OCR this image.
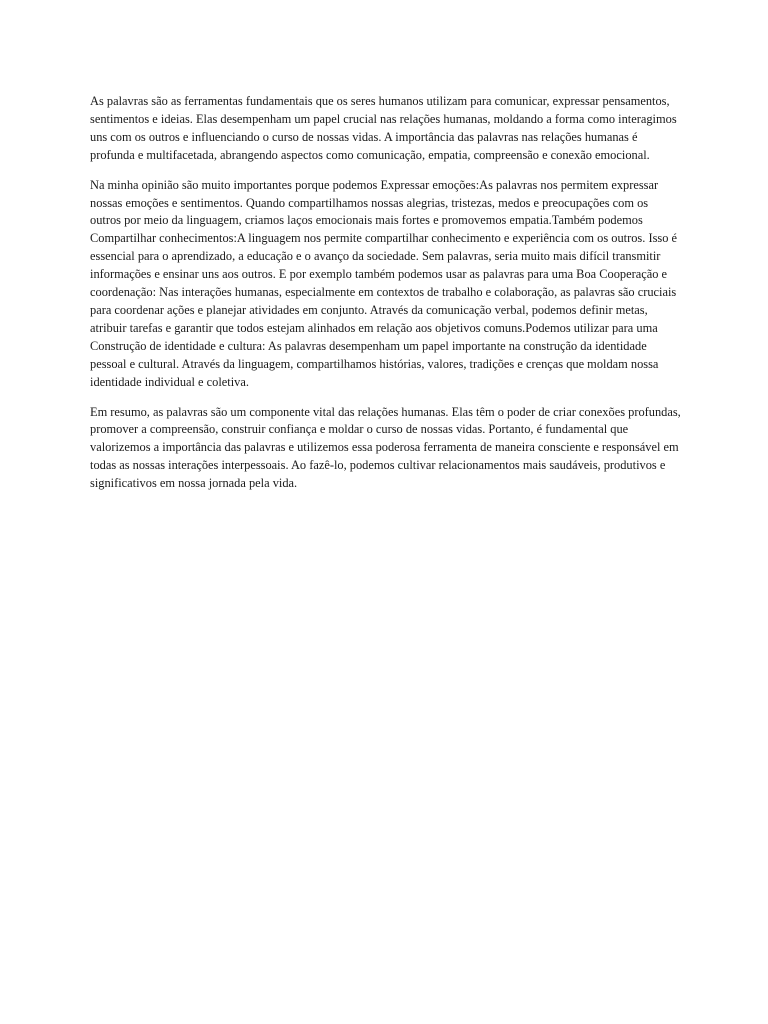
As palavras são as ferramentas fundamentais que os seres humanos utilizam para comunicar, expressar pensamentos, sentimentos e ideias. Elas desempenham um papel crucial nas relações humanas, moldando a forma como interagimos uns com os outros e influenciando o curso de nossas vidas. A importância das palavras nas relações humanas é profunda e multifacetada, abrangendo aspectos como comunicação, empatia, compreensão e conexão emocional.

Na minha opinião são muito importantes porque podemos Expressar emoções:As palavras nos permitem expressar nossas emoções e sentimentos. Quando compartilhamos nossas alegrias, tristezas, medos e preocupações com os outros por meio da linguagem, criamos laços emocionais mais fortes e promovemos empatia.Também podemos Compartilhar conhecimentos:A linguagem nos permite compartilhar conhecimento e experiência com os outros. Isso é essencial para o aprendizado, a educação e o avanço da sociedade. Sem palavras, seria muito mais difícil transmitir informações e ensinar uns aos outros. E por exemplo também podemos usar as palavras para uma Boa Cooperação e coordenação: Nas interações humanas, especialmente em contextos de trabalho e colaboração, as palavras são cruciais para coordenar ações e planejar atividades em conjunto. Através da comunicação verbal, podemos definir metas, atribuir tarefas e garantir que todos estejam alinhados em relação aos objetivos comuns.Podemos utilizar para uma Construção de identidade e cultura: As palavras desempenham um papel importante na construção da identidade pessoal e cultural. Através da linguagem, compartilhamos histórias, valores, tradições e crenças que moldam nossa identidade individual e coletiva.

Em resumo, as palavras são um componente vital das relações humanas. Elas têm o poder de criar conexões profundas, promover a compreensão, construir confiança e moldar o curso de nossas vidas. Portanto, é fundamental que valorizemos a importância das palavras e utilizemos essa poderosa ferramenta de maneira consciente e responsável em todas as nossas interações interpessoais. Ao fazê-lo, podemos cultivar relacionamentos mais saudáveis, produtivos e significativos em nossa jornada pela vida.
